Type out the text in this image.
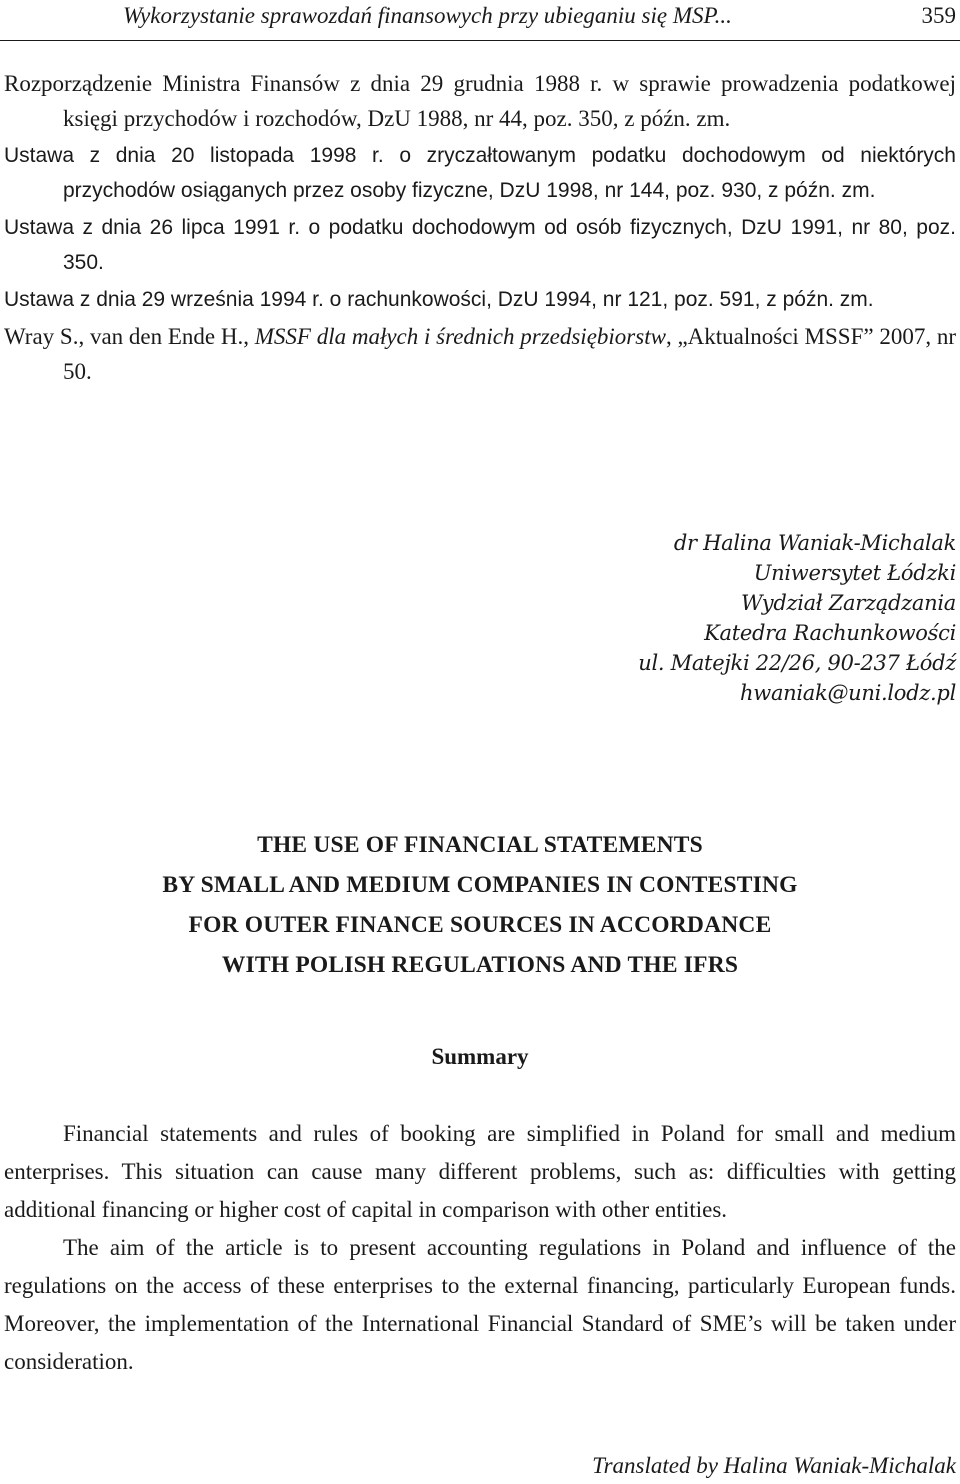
Wykorzystanie sprawozdań finansowych przy ubieganiu się MSP...	359

Rozporządzenie Ministra Finansów z dnia 29 grudnia 1988 r. w sprawie prowadzenia podatkowej księgi przychodów i rozchodów, DzU 1988, nr 44, poz. 350, z późn. zm.

Ustawa z dnia 20 listopada 1998 r. o zryczałtowanym podatku dochodowym od niektórych przychodów osiąganych przez osoby fizyczne, DzU 1998, nr 144, poz. 930, z późn. zm.

Ustawa z dnia 26 lipca 1991 r. o podatku dochodowym od osób fizycznych, DzU 1991, nr 80, poz. 350.

Ustawa z dnia 29 września 1994 r. o rachunkowości, DzU 1994, nr 121, poz. 591, z późn. zm.

Wray S., van den Ende H., MSSF dla małych i średnich przedsiębiorstw, „Aktualności MSSF” 2007, nr 50.

dr Halina Waniak-Michalak
Uniwersytet Łódzki
Wydział Zarządzania
Katedra Rachunkowości
ul. Matejki 22/26, 90-237 Łódź
hwaniak@uni.lodz.pl
THE USE OF FINANCIAL STATEMENTS
BY SMALL AND MEDIUM COMPANIES IN CONTESTING
FOR OUTER FINANCE SOURCES IN ACCORDANCE
WITH POLISH REGULATIONS AND THE IFRS
Summary

Financial statements and rules of booking are simplified in Poland for small and medium enterprises. This situation can cause many different problems, such as: difficulties with getting additional financing or higher cost of capital in comparison with other entities.

The aim of the article is to present accounting regulations in Poland and influence of the regulations on the access of these enterprises to the external financing, particularly European funds. Moreover, the implementation of the International Financial Standard of SME’s will be taken under consideration.

Translated by Halina Waniak-Michalak
